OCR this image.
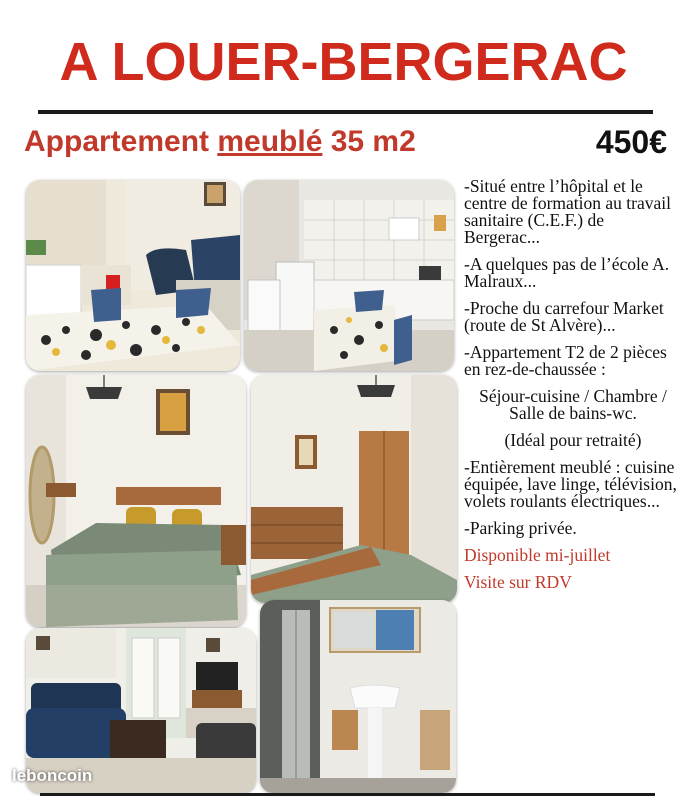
A LOUER-BERGERAC
Appartement meublé 35 m2	450€
leboncoin

-Situé entre l’hôpital et le centre de formation au travail sanitaire (C.E.F.) de Bergerac...

-A quelques pas de l’école A. Malraux...

-Proche du carrefour Market (route de St Alvère)...

-Appartement T2 de 2 pièces en rez-de-chaussée :

Séjour-cuisine / Chambre / Salle de bains-wc.

(Idéal pour retraité)

-Entièrement meublé : cuisine équipée, lave linge, télévision, volets roulants électriques...

-Parking privée.

Disponible mi-juillet

Visite sur RDV
